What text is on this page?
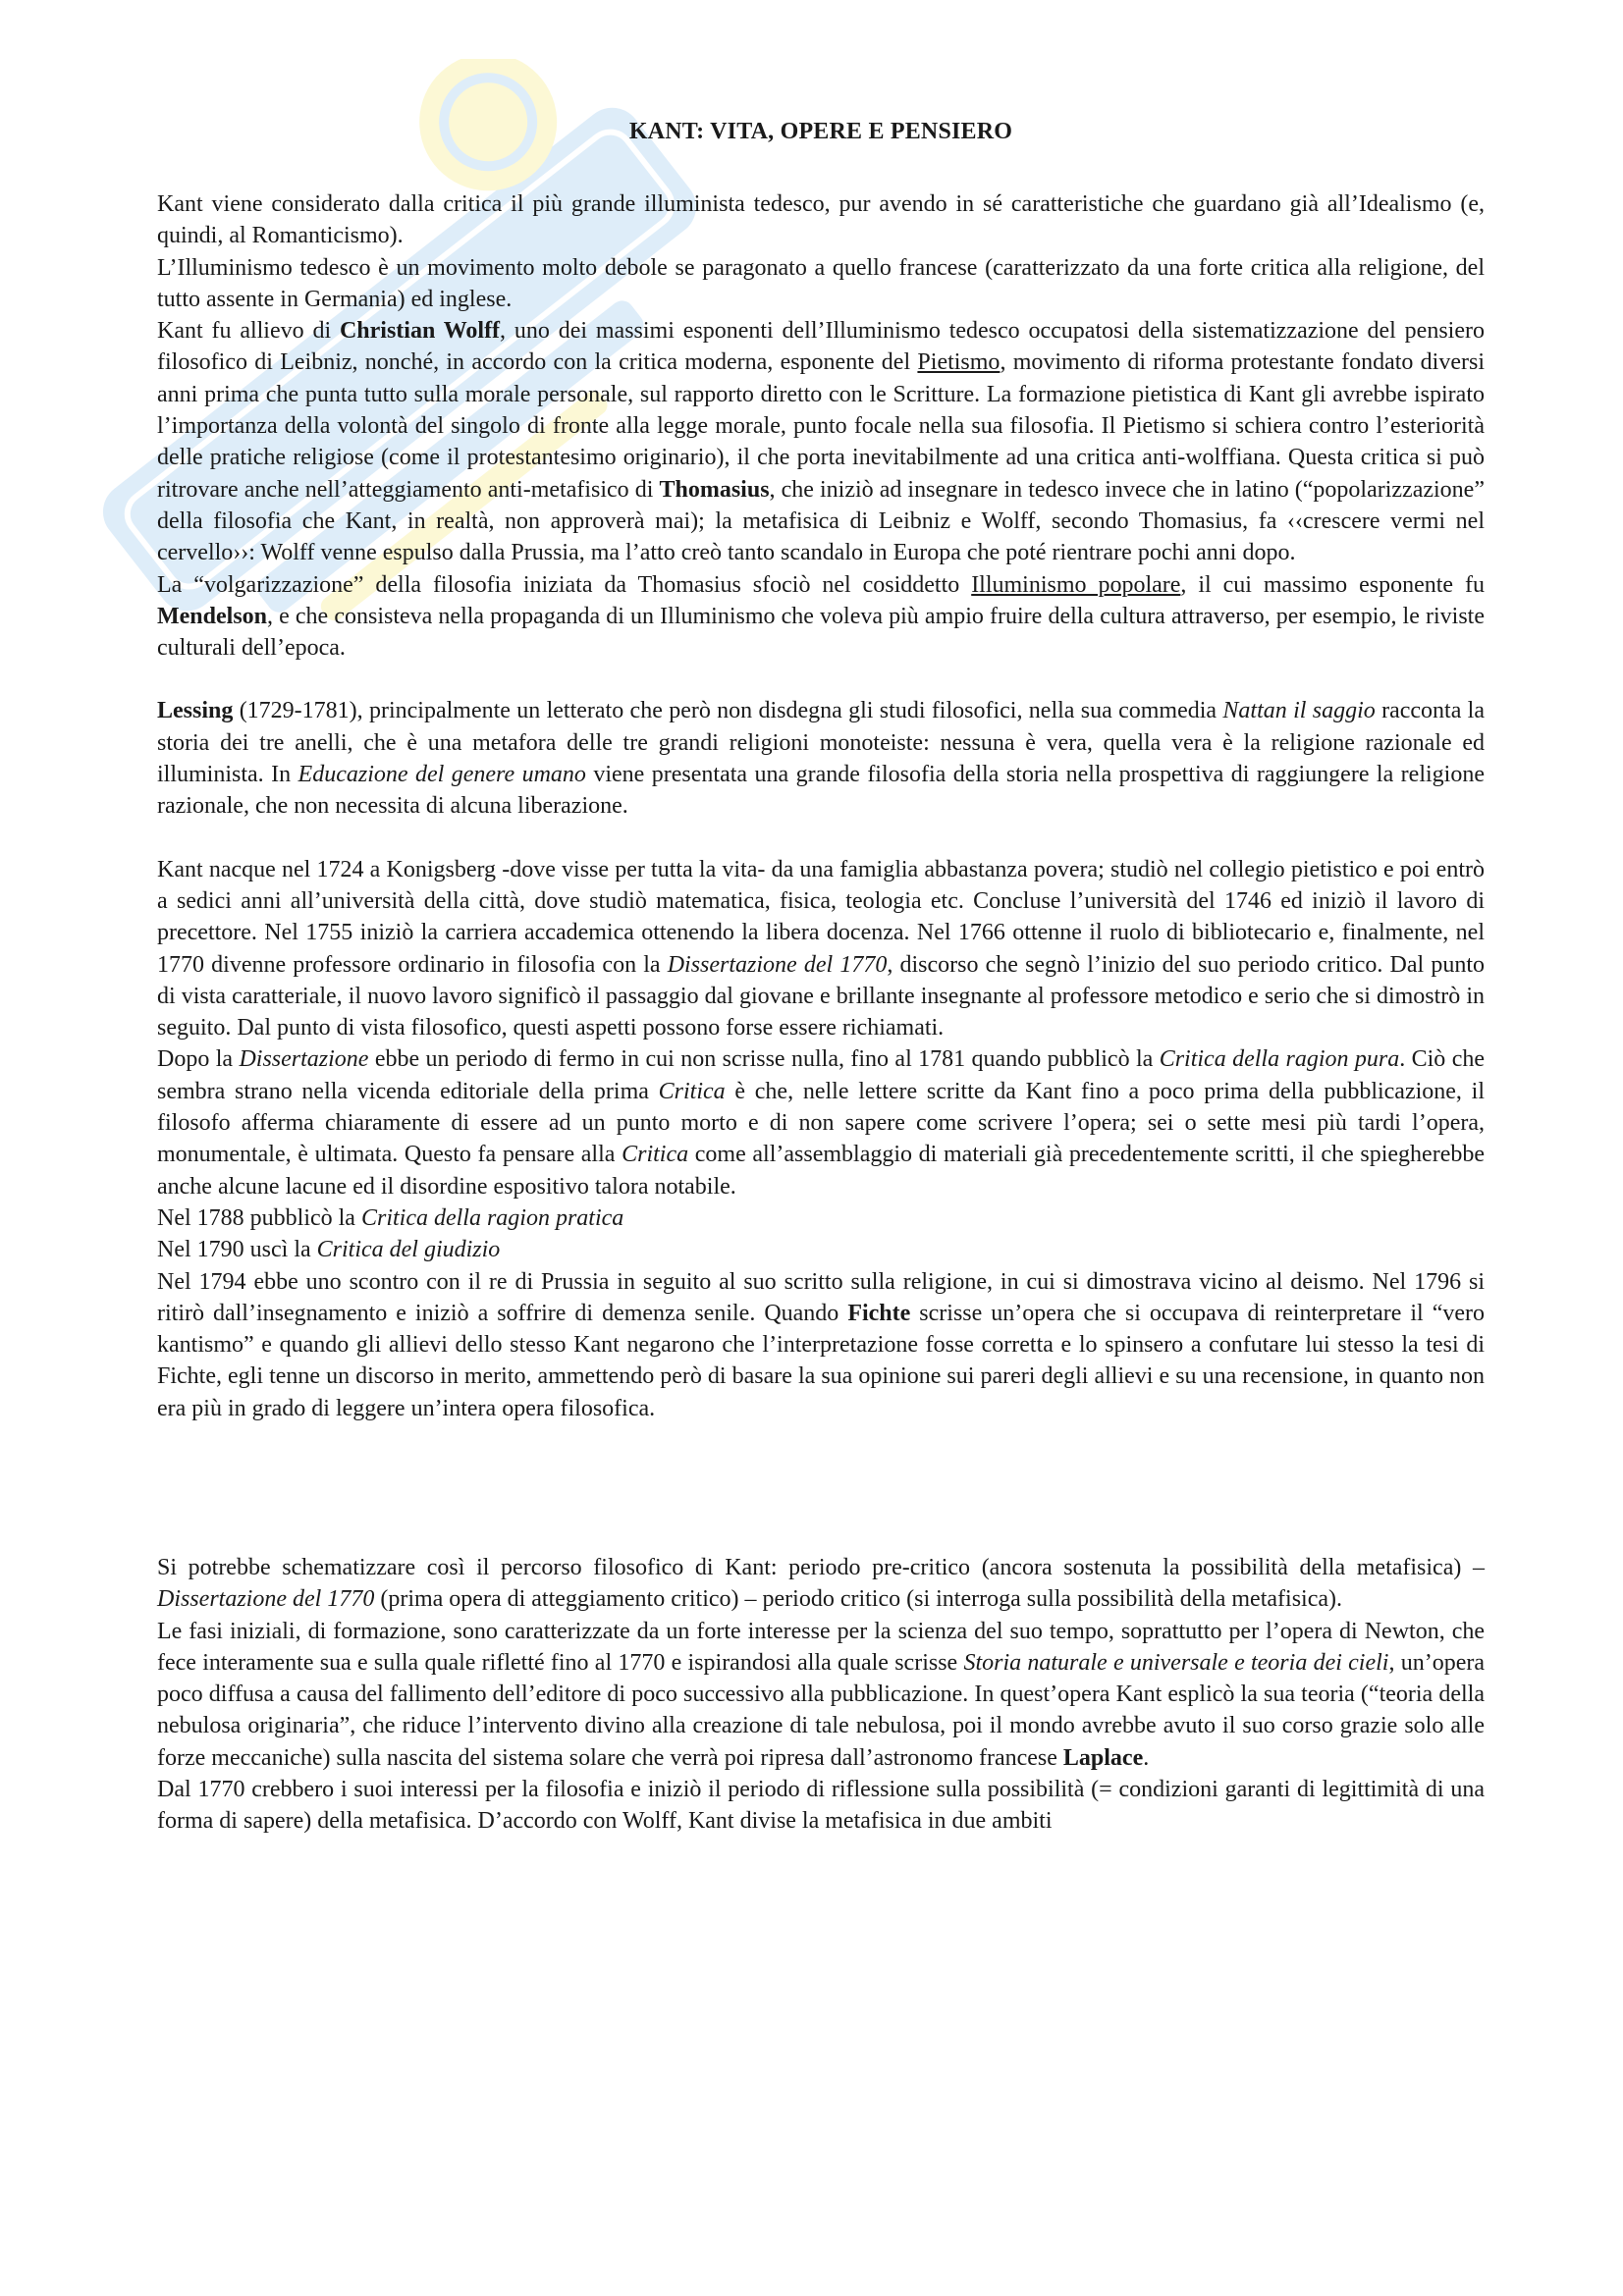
KANT: VITA, OPERE E PENSIERO

Kant viene considerato dalla critica il più grande illuminista tedesco, pur avendo in sé caratteristiche che guardano già all’Idealismo (e, quindi, al Romanticismo).

L’Illuminismo tedesco è un movimento molto debole se paragonato a quello francese (caratterizzato da una forte critica alla religione, del tutto assente in Germania) ed inglese.

Kant fu allievo di Christian Wolff, uno dei massimi esponenti dell’Illuminismo tedesco occupatosi della sistematizzazione del pensiero filosofico di Leibniz, nonché, in accordo con la critica moderna, esponente del Pietismo, movimento di riforma protestante fondato diversi anni prima che punta tutto sulla morale personale, sul rapporto diretto con le Scritture. La formazione pietistica di Kant gli avrebbe ispirato l’importanza della volontà del singolo di fronte alla legge morale, punto focale nella sua filosofia. Il Pietismo si schiera contro l’esteriorità delle pratiche religiose (come il protestantesimo originario), il che porta inevitabilmente ad una critica anti-wolffiana. Questa critica si può ritrovare anche nell’atteggiamento anti-metafisico di Thomasius, che iniziò ad insegnare in tedesco invece che in latino (“popolarizzazione” della filosofia che Kant, in realtà, non approverà mai); la metafisica di Leibniz e Wolff, secondo Thomasius, fa ‹‹crescere vermi nel cervello››: Wolff venne espulso dalla Prussia, ma l’atto creò tanto scandalo in Europa che poté rientrare pochi anni dopo.

La “volgarizzazione” della filosofia iniziata da Thomasius sfociò nel cosiddetto Illuminismo popolare, il cui massimo esponente fu Mendelson, e che consisteva nella propaganda di un Illuminismo che voleva più ampio fruire della cultura attraverso, per esempio, le riviste culturali dell’epoca.

Lessing (1729-1781), principalmente un letterato che però non disdegna gli studi filosofici, nella sua commedia Nattan il saggio racconta la storia dei tre anelli, che è una metafora delle tre grandi religioni monoteiste: nessuna è vera, quella vera è la religione razionale ed illuminista. In Educazione del genere umano viene presentata una grande filosofia della storia nella prospettiva di raggiungere la religione razionale, che non necessita di alcuna liberazione.

Kant nacque nel 1724 a Konigsberg -dove visse per tutta la vita- da una famiglia abbastanza povera; studiò nel collegio pietistico e poi entrò a sedici anni all’università della città, dove studiò matematica, fisica, teologia etc. Concluse l’università del 1746 ed iniziò il lavoro di precettore. Nel 1755 iniziò la carriera accademica ottenendo la libera docenza. Nel 1766 ottenne il ruolo di bibliotecario e, finalmente, nel 1770 divenne professore ordinario in filosofia con la Dissertazione del 1770, discorso che segnò l’inizio del suo periodo critico. Dal punto di vista caratteriale, il nuovo lavoro significò il passaggio dal giovane e brillante insegnante al professore metodico e serio che si dimostrò in seguito. Dal punto di vista filosofico, questi aspetti possono forse essere richiamati.

Dopo la Dissertazione ebbe un periodo di fermo in cui non scrisse nulla, fino al 1781 quando pubblicò la Critica della ragion pura. Ciò che sembra strano nella vicenda editoriale della prima Critica è che, nelle lettere scritte da Kant fino a poco prima della pubblicazione, il filosofo afferma chiaramente di essere ad un punto morto e di non sapere come scrivere l’opera; sei o sette mesi più tardi l’opera, monumentale, è ultimata. Questo fa pensare alla Critica come all’assemblaggio di materiali già precedentemente scritti, il che spiegherebbe anche alcune lacune ed il disordine espositivo talora notabile.

Nel 1788 pubblicò la Critica della ragion pratica

Nel 1790 uscì la Critica del giudizio

Nel 1794 ebbe uno scontro con il re di Prussia in seguito al suo scritto sulla religione, in cui si dimostrava vicino al deismo. Nel 1796 si ritirò dall’insegnamento e iniziò a soffrire di demenza senile. Quando Fichte scrisse un’opera che si occupava di reinterpretare il “vero kantismo” e quando gli allievi dello stesso Kant negarono che l’interpretazione fosse corretta e lo spinsero a confutare lui stesso la tesi di Fichte, egli tenne un discorso in merito, ammettendo però di basare la sua opinione sui pareri degli allievi e su una recensione, in quanto non era più in grado di leggere un’intera opera filosofica.

Si potrebbe schematizzare così il percorso filosofico di Kant: periodo pre-critico (ancora sostenuta la possibilità della metafisica) – Dissertazione del 1770 (prima opera di atteggiamento critico) – periodo critico (si interroga sulla possibilità della metafisica).

Le fasi iniziali, di formazione, sono caratterizzate da un forte interesse per la scienza del suo tempo, soprattutto per l’opera di Newton, che fece interamente sua e sulla quale rifletté fino al 1770 e ispirandosi alla quale scrisse Storia naturale e universale e teoria dei cieli, un’opera poco diffusa a causa del fallimento dell’editore di poco successivo alla pubblicazione. In quest’opera Kant esplicò la sua teoria (“teoria della nebulosa originaria”, che riduce l’intervento divino alla creazione di tale nebulosa, poi il mondo avrebbe avuto il suo corso grazie solo alle forze meccaniche) sulla nascita del sistema solare che verrà poi ripresa dall’astronomo francese Laplace.

Dal 1770 crebbero i suoi interessi per la filosofia e iniziò il periodo di riflessione sulla possibilità (= condizioni garanti di legittimità di una forma di sapere) della metafisica. D’accordo con Wolff, Kant divise la metafisica in due ambiti
